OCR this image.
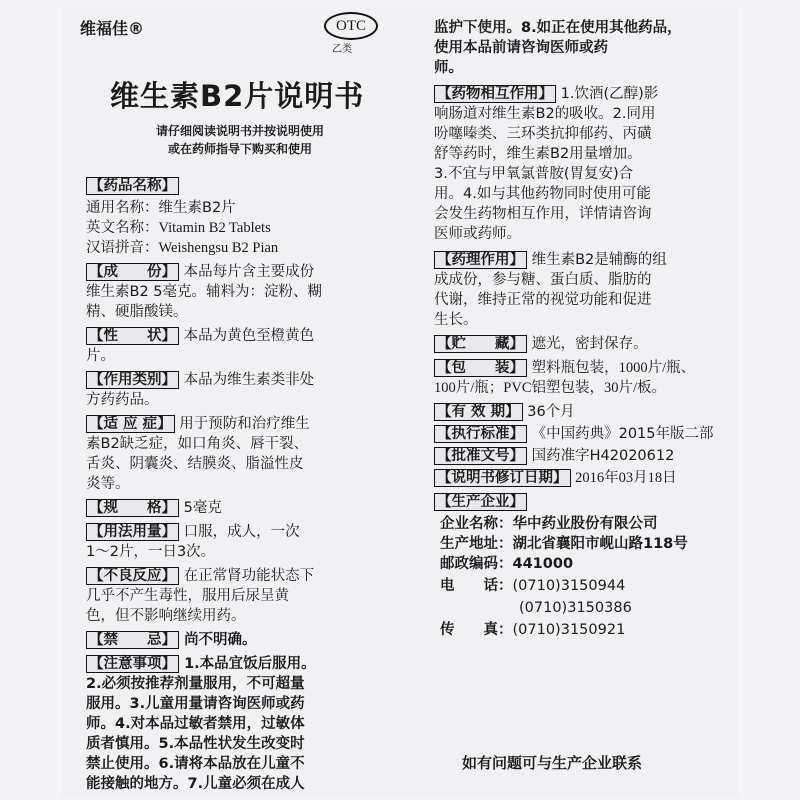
维福佳®	OTC
乙类
维生素B2片说明书
请仔细阅读说明书并按说明使用
或在药师指导下购买和使用
【药品名称】
通用名称：维生素B2片
英文名称：Vitamin B2 Tablets
汉语拼音：Weishengsu B2 Pian
【成　　份】 本品每片含主要成份
维生素B2 5毫克。辅料为：淀粉、糊
精、硬脂酸镁。
【性　　状】 本品为黄色至橙黄色
片。
【作用类别】 本品为维生素类非处
方药药品。
【适 应 症】 用于预防和治疗维生
素B2缺乏症，如口角炎、唇干裂、
舌炎、阴囊炎、结膜炎、脂溢性皮
炎等。
【规　　格】 5毫克
【用法用量】 口服，成人，一次
1～2片，一日3次。
【不良反应】 在正常肾功能状态下
几乎不产生毒性，服用后尿呈黄
色，但不影响继续用药。
【禁　　忌】 尚不明确。
【注意事项】 1.本品宜饭后服用。
2.必须按推荐剂量服用，不可超量
服用。3.儿童用量请咨询医师或药
师。4.对本品过敏者禁用，过敏体
质者慎用。5.本品性状发生改变时
禁止使用。6.请将本品放在儿童不
能接触的地方。7.儿童必须在成人
监护下使用。8.如正在使用其他药品，
使用本品前请咨询医师或药
师。
【药物相互作用】 1.饮酒(乙醇)影
响肠道对维生素B2的吸收。2.同用
吩噻嗪类、三环类抗抑郁药、丙磺
舒等药时，维生素B2用量增加。
3.不宜与甲氧氯普胺(胃复安)合
用。4.如与其他药物同时使用可能
会发生药物相互作用，详情请咨询
医师或药师。
【药理作用】 维生素B2是辅酶的组
成成份，参与糖、蛋白质、脂肪的
代谢，维持正常的视觉功能和促进
生长。
【贮　　藏】 遮光，密封保存。
【包　　装】 塑料瓶包装，1000片/瓶、
100片/瓶；PVC铝塑包装，30片/板。
【有 效 期】 36个月
【执行标准】 《中国药典》2015年版二部
【批准文号】 国药准字H42020612
【说明书修订日期】 2016年03月18日
【生产企业】
企业名称：华中药业股份有限公司
生产地址：湖北省襄阳市岘山路118号
邮政编码：441000
电　　话：(0710)3150944
(0710)3150386
传　　真：(0710)3150921
如有问题可与生产企业联系
